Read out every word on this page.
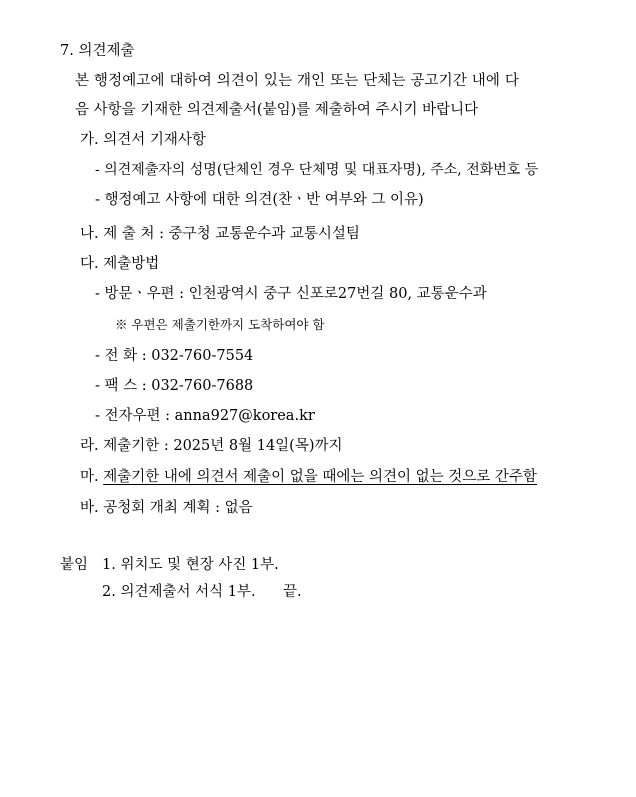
7. 의견제출
본 행정예고에 대하여 의견이 있는 개인 또는 단체는 공고기간 내에 다
음 사항을 기재한 의견제출서(붙임)를 제출하여 주시기 바랍니다
가. 의견서 기재사항
- 의견제출자의 성명(단체인 경우 단체명 및 대표자명), 주소, 전화번호 등
- 행정예고 사항에 대한 의견(찬ㆍ반 여부와 그 이유)
나. 제 출 처 : 중구청 교통운수과 교통시설팀
다. 제출방법
- 방문ㆍ우편 : 인천광역시 중구 신포로27번길 80, 교통운수과
※ 우편은 제출기한까지 도착하여야 함
- 전 화 : 032-760-7554
- 팩 스 : 032-760-7688
- 전자우편 : anna927@korea.kr
라. 제출기한 : 2025년 8월 14일(목)까지
마. 제출기한 내에 의견서 제출이 없을 때에는 의견이 없는 것으로 간주함
바. 공청회 개최 계획 : 없음
붙임 1. 위치도 및 현장 사진 1부.
2. 의견제출서 서식 1부. 끝.
